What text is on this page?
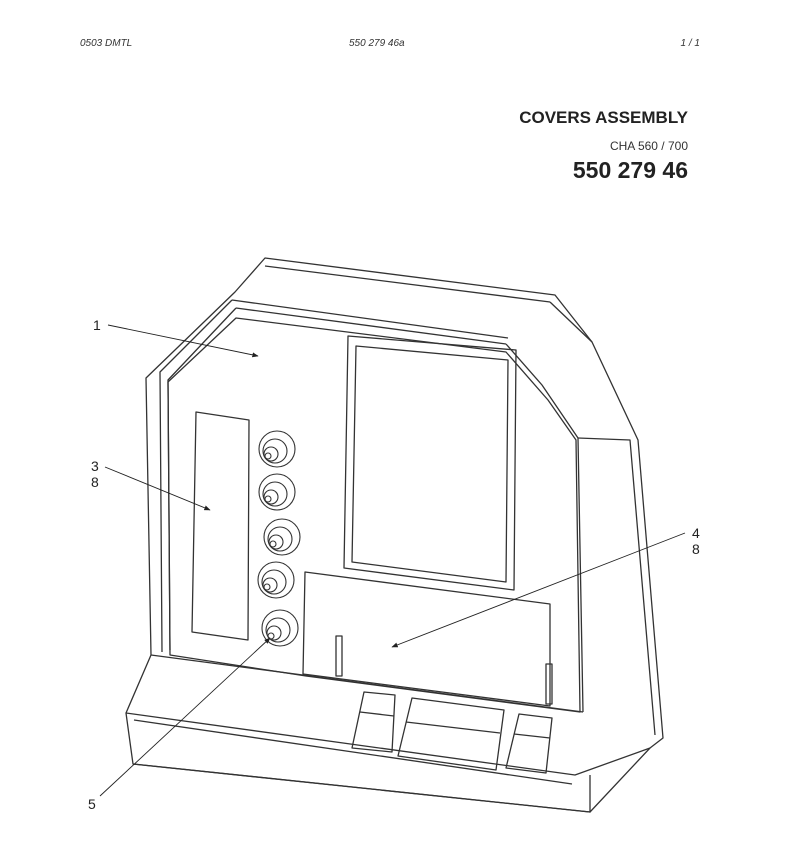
0503 DMTL	550 279 46a	1 / 1
COVERS ASSEMBLY
CHA 560 / 700
550 279 46
1
3
8
4
8
5
